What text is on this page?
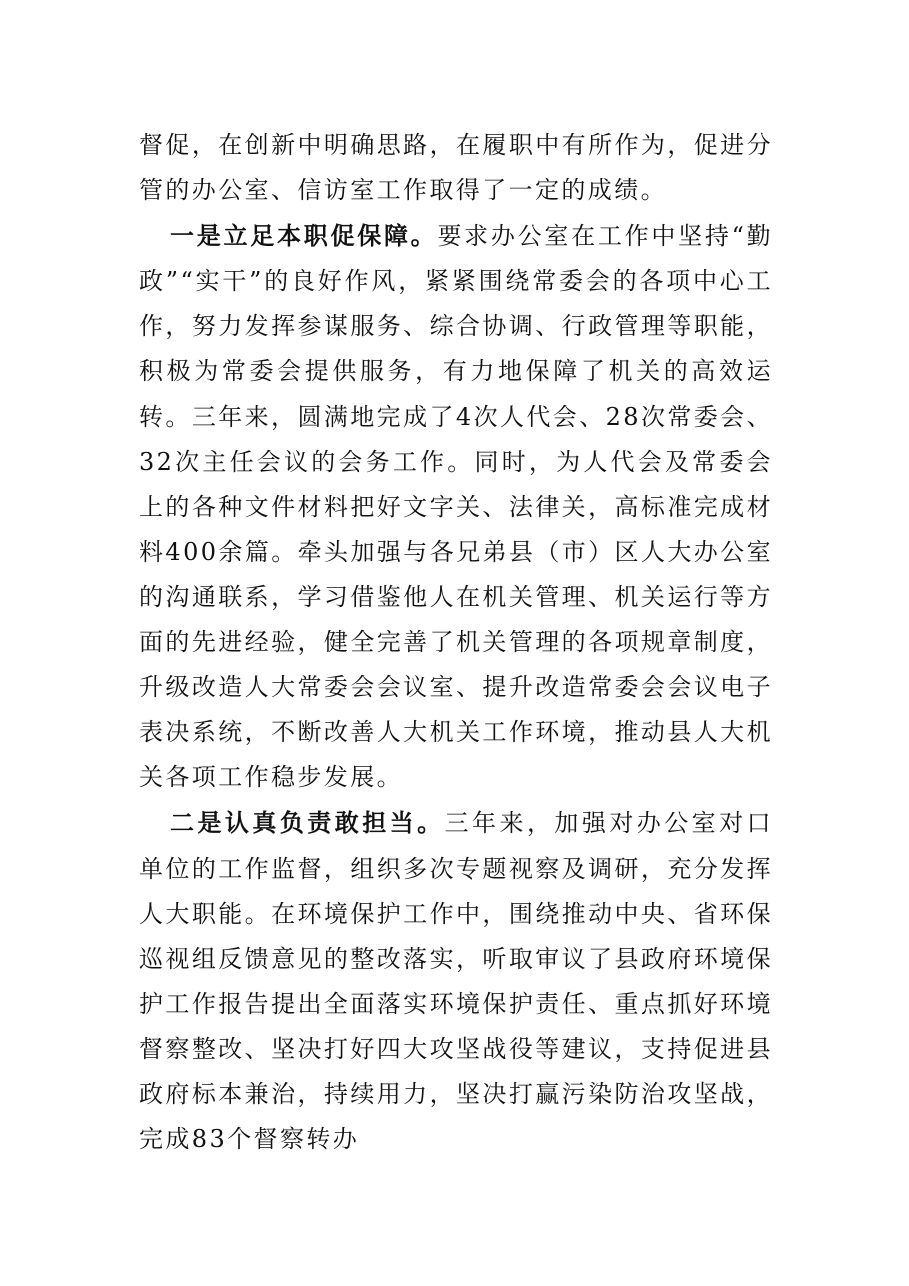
督促，在创新中明确思路，在履职中有所作为，促进分管的办公室、信访室工作取得了一定的成绩。

一是立足本职促保障。要求办公室在工作中坚持“勤政”“实干”的良好作风，紧紧围绕常委会的各项中心工作，努力发挥参谋服务、综合协调、行政管理等职能，积极为常委会提供服务，有力地保障了机关的高效运转。三年来，圆满地完成了4次人代会、28次常委会、32次主任会议的会务工作。同时，为人代会及常委会上的各种文件材料把好文字关、法律关，高标准完成材料400余篇。牵头加强与各兄弟县（市）区人大办公室的沟通联系，学习借鉴他人在机关管理、机关运行等方面的先进经验，健全完善了机关管理的各项规章制度，升级改造人大常委会会议室、提升改造常委会会议电子表决系统，不断改善人大机关工作环境，推动县人大机关各项工作稳步发展。

二是认真负责敢担当。三年来，加强对办公室对口单位的工作监督，组织多次专题视察及调研，充分发挥人大职能。在环境保护工作中，围绕推动中央、省环保巡视组反馈意见的整改落实，听取审议了县政府环境保护工作报告提出全面落实环境保护责任、重点抓好环境督察整改、坚决打好四大攻坚战役等建议，支持促进县政府标本兼治，持续用力，坚决打赢污染防治攻坚战，完成83个督察转办
